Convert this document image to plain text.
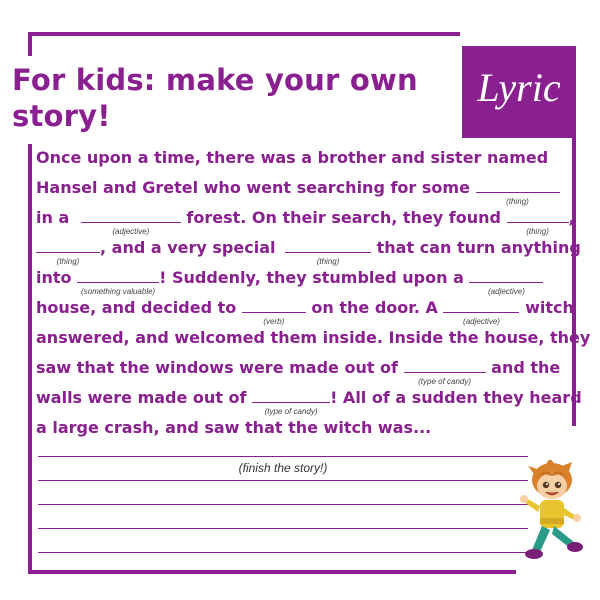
For kids: make your own
story!
Lyric
Once upon a time, there was a brother and sister named
Hansel and Gretel who went searching for some
(thing)
in a
(adjective)
forest. On their search, they found
(thing)
,
(thing)
, and a very special
(thing)
that can turn anything
into
(something valuable)
! Suddenly, they stumbled upon a
(adjective)
house, and decided to
(verb)
on the door. A
(adjective)
witch
answered, and welcomed them inside. Inside the house, they
saw that the windows were made out of
(type of candy)
and the
walls were made out of
(type of candy)
! All of a sudden they heard
a large crash, and saw that the witch was...
(finish the story!)
